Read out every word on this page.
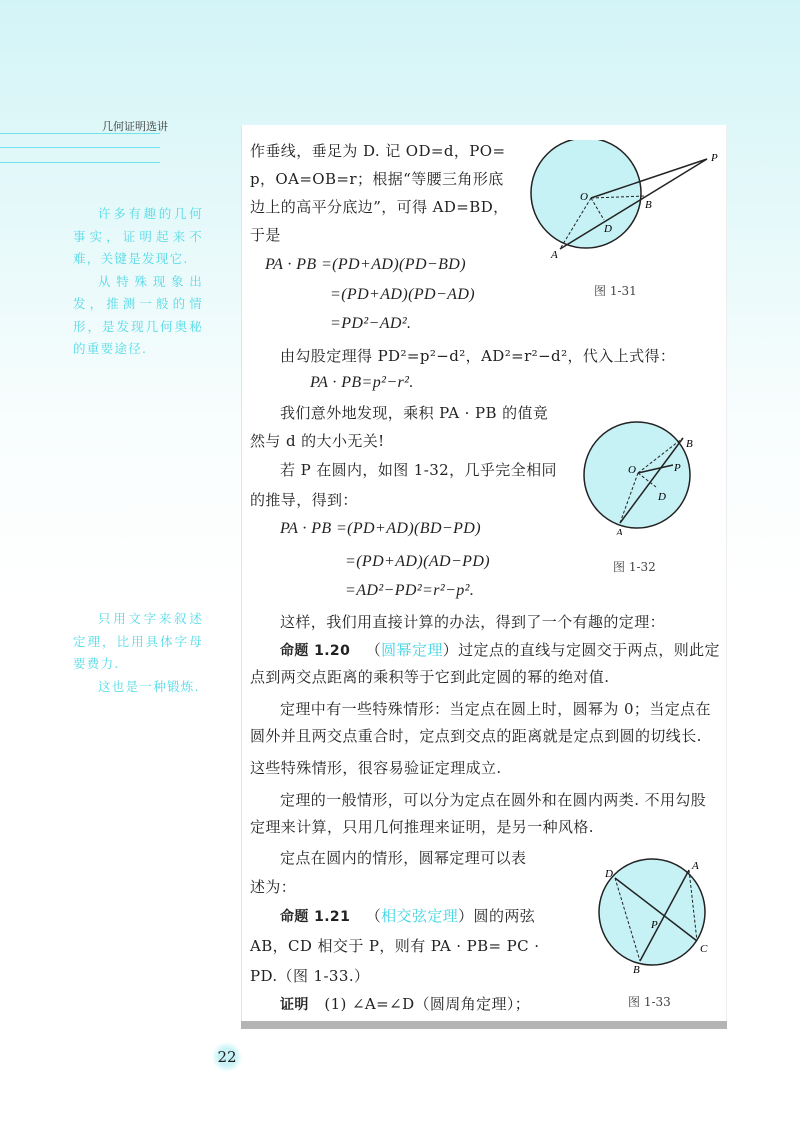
几何证明选讲

许多有趣的几何事实，证明起来不难，关键是发现它.

从特殊现象出发，推测一般的情形，是发现几何奥秘的重要途径.

只用文字来叙述定理，比用具体字母要费力.

这也是一种锻炼.

作垂线，垂足为 D. 记 OD=d，PO=
p，OA=OB=r；根据“等腰三角形底
边上的高平分底边”，可得 AD=BD，
于是
PA · PB =(PD+AD)(PD−BD)
=(PD+AD)(PD−AD)
=PD²−AD².
由勾股定理得 PD²=p²−d²，AD²=r²−d²，代入上式得：
PA · PB=p²−r².
我们意外地发现，乘积 PA · PB 的值竟
然与 d 的大小无关!
若 P 在圆内，如图 1-32，几乎完全相同
的推导，得到：
PA · PB =(PD+AD)(BD−PD)
=(PD+AD)(AD−PD)
=AD²−PD²=r²−p².
这样，我们用直接计算的办法，得到了一个有趣的定理：
命题 1.20 （圆幂定理）过定点的直线与定圆交于两点，则此定
点到两交点距离的乘积等于它到此定圆的幂的绝对值.
定理中有一些特殊情形：当定点在圆上时，圆幂为 0；当定点在
圆外并且两交点重合时，定点到交点的距离就是定点到圆的切线长.
这些特殊情形，很容易验证定理成立.
定理的一般情形，可以分为定点在圆外和在圆内两类. 不用勾股
定理来计算，只用几何推理来证明，是另一种风格.
定点在圆内的情形，圆幂定理可以表
述为：
命题 1.21 （相交弦定理）圆的两弦
AB，CD 相交于 P，则有 PA · PB= PC ·
PD.（图 1-33.）
证明 (1) ∠A=∠D（圆周角定理）；
O
B
D
A
P
图 1-31
O	P
D
A
B
图 1-32
D
A
P
C
B
图 1-33
22
